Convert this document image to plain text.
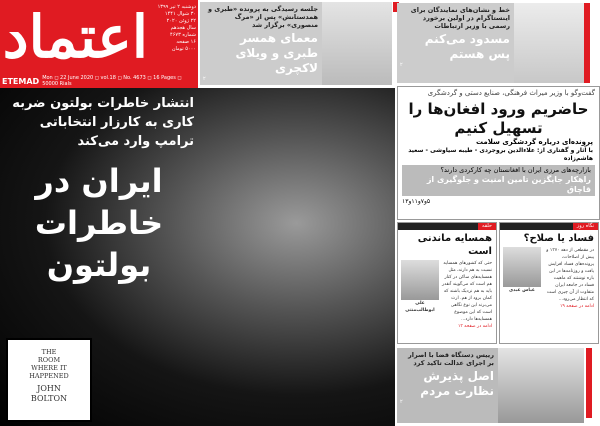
اعتماد	دوشنبه ۲ تیر ۱۳۹۹
۳۰ شوال ۱۴۴۱
۲۲ ژوئن ۲۰۲۰
سال هجدهم
شماره ۴۶۷۳
۱۶ صفحه
۵۰۰۰ تومان
ETEMAD Mon ◻ 22 June 2020 ◻ vol.18 ◻ No. 4673 ◻ 16 Pages ◻ 50000 Rials
جلسه رسیدگی به پرونده «طبری و همدستانش» پس از «مرگ منصوری» برگزار شد
معمای همسر طبری و ویلای لاکچری
۲
خط و نشان‌های نمایندگان برای اینستاگرام در اولین برخورد رسمی با وزیر ارتباطات
مسدود می‌کنم پس هستم
۲
انتشار خاطرات بولتون ضربه کاری به کارزار انتخاباتی ترامپ وارد می‌کند
ایران در خاطرات بولتون
THE
ROOM
WHERE IT
HAPPENED
JOHN
BOLTON
گفت‌وگو با وزیر میراث فرهنگی، صنایع دستی و گردشگری
حاضریم ورود افغان‌ها را تسهیل کنیم
پرونده‌ای درباره گردشگری سلامت
با آثار و گفتاری از: علاءالدین بروجردی - طیبه سیاوشی - سعید هاشم‌زاده
بازارچه‌های مرزی ایران با افغانستان چه کارکردی دارند؟
راهکار جایگزین تامین امنیت و جلوگیری از قاچاق
۵و۷و۱۱و۱۳
حلقه
همسایه ماندنی است
علی ابوطالب‌منتی
حتی که کشورهای همسایه نسبت به هم دارند، مثل همسایه‌های ساکن در کنار هم است که می‌گویند آنقدر باید به هم نزدیک باشند که کمان برود از هم. ارث می‌برند این نوع نگاهی است که این موضوع همسایه‌ها دارد...
ادامه در صفحه ۱۳
نگاه روز
فساد یا صلاح؟
عباس عبدی
در مقطعی از دهه ۱۳۷۰ و پیش از اصلاحات، پرونده‌های فساد افزایش یافت و روزنامه‌ها در این باره نوشتند که ماهیت فساد در جامعه ایران متفاوت از آن چیزی است که انتظار می‌رود...
ادامه در صفحه ۱۹
رییس دستگاه قضا با اصرار بر اجرای عدالت تاکید کرد
اصل پذیرش نظارت مردم
۲
